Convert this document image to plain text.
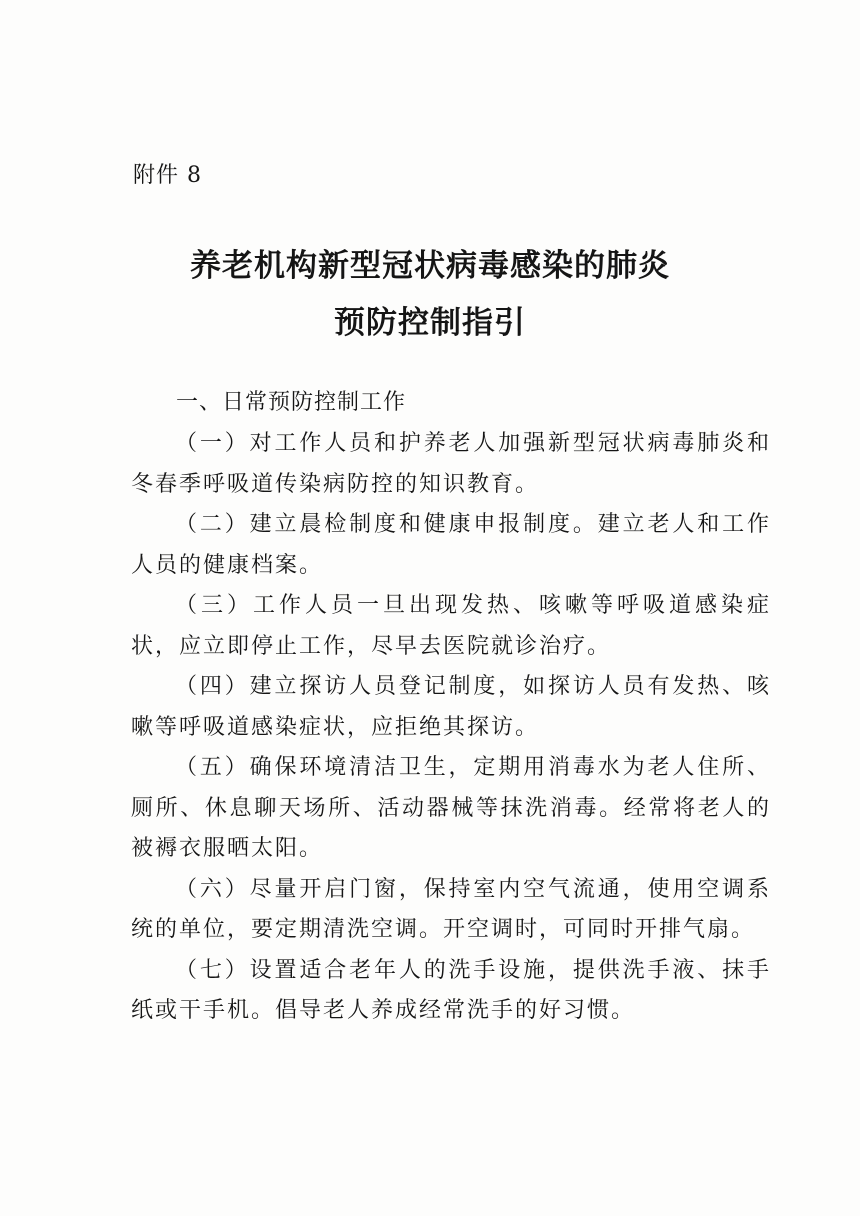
附件 8

养老机构新型冠状病毒感染的肺炎
预防控制指引
一、日常预防控制工作
（一）对工作人员和护养老人加强新型冠状病毒肺炎和冬春季呼吸道传染病防控的知识教育。
（二）建立晨检制度和健康申报制度。建立老人和工作人员的健康档案。
（三）工作人员一旦出现发热、咳嗽等呼吸道感染症状，应立即停止工作，尽早去医院就诊治疗。
（四）建立探访人员登记制度，如探访人员有发热、咳嗽等呼吸道感染症状，应拒绝其探访。
（五）确保环境清洁卫生，定期用消毒水为老人住所、厕所、休息聊天场所、活动器械等抹洗消毒。经常将老人的被褥衣服晒太阳。
（六）尽量开启门窗，保持室内空气流通，使用空调系统的单位，要定期清洗空调。开空调时，可同时开排气扇。
（七）设置适合老年人的洗手设施，提供洗手液、抹手纸或干手机。倡导老人养成经常洗手的好习惯。
